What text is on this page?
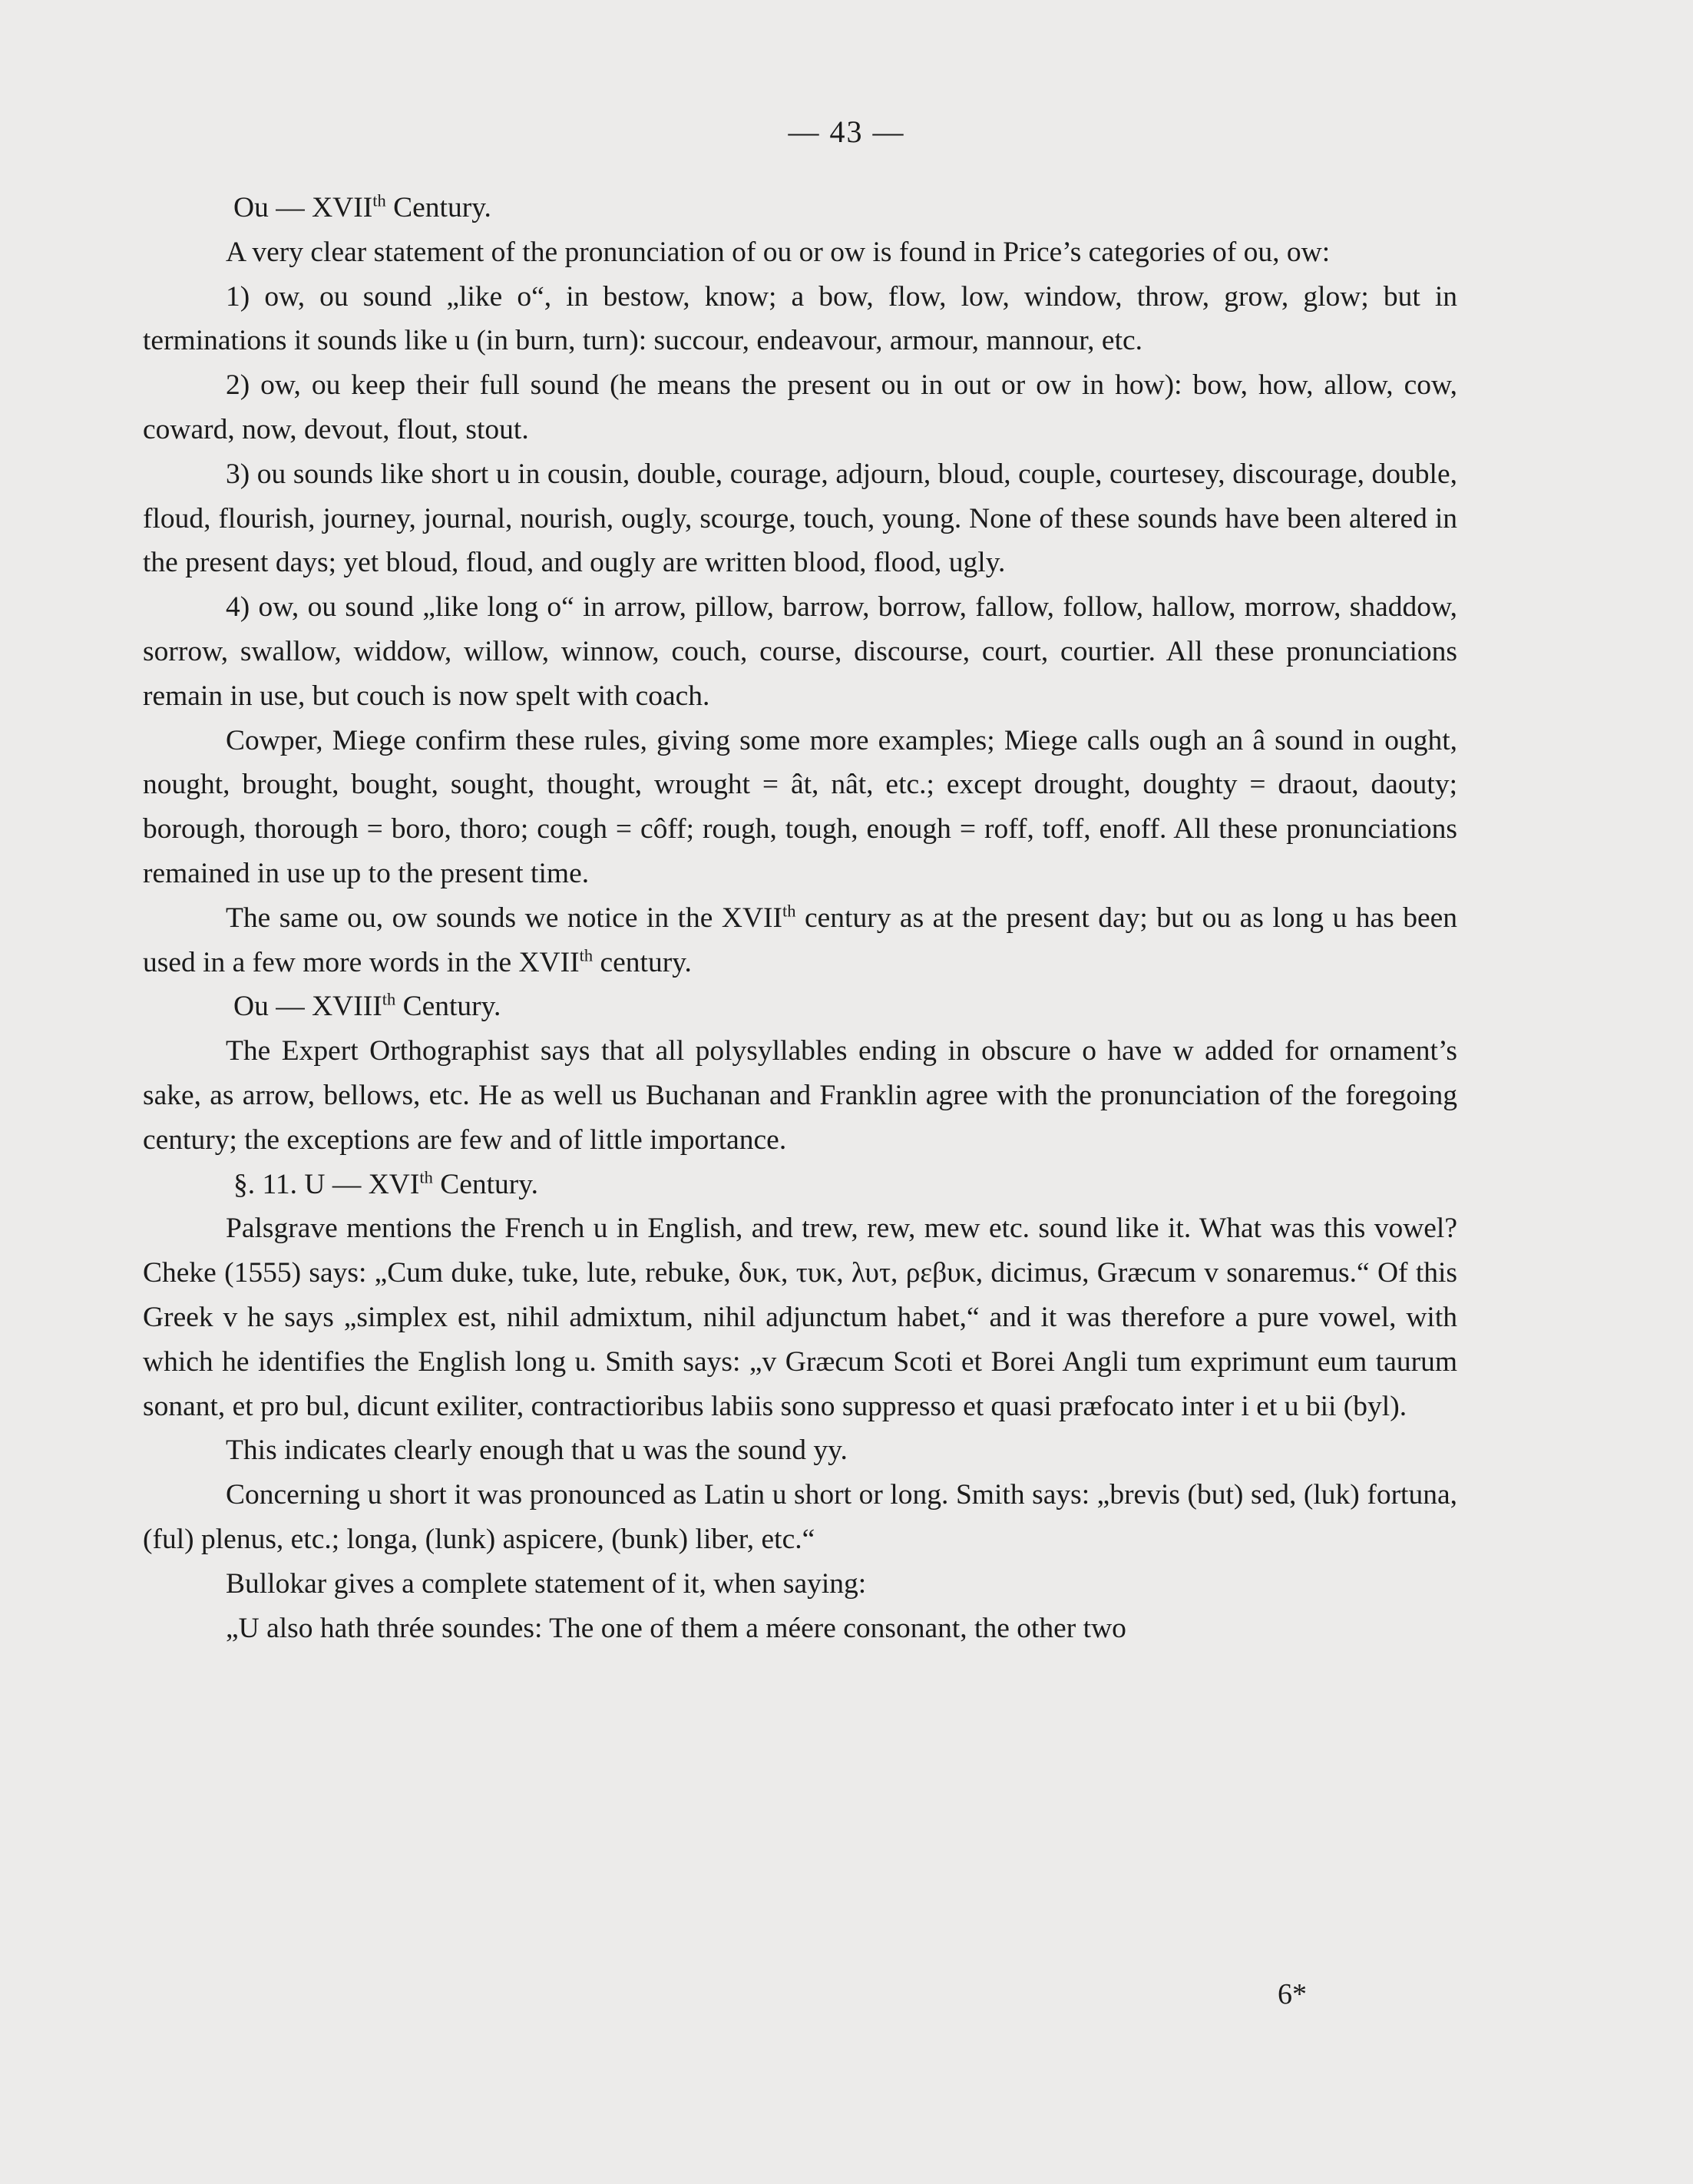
— 43 —

Ou — XVIIth Century.

A very clear statement of the pronunciation of ou or ow is found in Price’s categories of ou, ow:

1) ow, ou sound „like o“, in bestow, know; a bow, flow, low, window, throw, grow, glow; but in terminations it sounds like u (in burn, turn): succour, endeavour, armour, mannour, etc.

2) ow, ou keep their full sound (he means the present ou in out or ow in how): bow, how, allow, cow, coward, now, devout, flout, stout.

3) ou sounds like short u in cousin, double, courage, adjourn, bloud, couple, courtesey, discourage, double, floud, flourish, journey, journal, nourish, ougly, scourge, touch, young. None of these sounds have been altered in the present days; yet bloud, floud, and ougly are written blood, flood, ugly.

4) ow, ou sound „like long o“ in arrow, pillow, barrow, borrow, fallow, follow, hallow, morrow, shaddow, sorrow, swallow, widdow, willow, winnow, couch, course, discourse, court, courtier. All these pronunciations remain in use, but couch is now spelt with coach.

Cowper, Miege confirm these rules, giving some more examples; Miege calls ough an â sound in ought, nought, brought, bought, sought, thought, wrought = ât, nât, etc.; except drought, doughty = draout, daouty; borough, thorough = boro, thoro; cough = côff; rough, tough, enough = roff, toff, enoff. All these pronunciations remained in use up to the present time.

The same ou, ow sounds we notice in the XVIIth century as at the present day; but ou as long u has been used in a few more words in the XVIIth century.

Ou — XVIIIth Century.

The Expert Orthographist says that all polysyllables ending in obscure o have w added for ornament’s sake, as arrow, bellows, etc. He as well us Buchanan and Franklin agree with the pronunciation of the foregoing century; the exceptions are few and of little importance.

§. 11. U — XVIth Century.

Palsgrave mentions the French u in English, and trew, rew, mew etc. sound like it. What was this vowel? Cheke (1555) says: „Cum duke, tuke, lute, rebuke, δυκ, τυκ, λυτ, ρεβυκ, dicimus, Græcum v sonaremus.“ Of this Greek v he says „simplex est, nihil admixtum, nihil adjunctum habet,“ and it was therefore a pure vowel, with which he identifies the English long u. Smith says: „v Græcum Scoti et Borei Angli tum exprimunt eum taurum sonant, et pro bul, dicunt exiliter, contractioribus labiis sono suppresso et quasi præfocato inter i et u bii (byl).

This indicates clearly enough that u was the sound yy.

Concerning u short it was pronounced as Latin u short or long. Smith says: „brevis (but) sed, (luk) fortuna, (ful) plenus, etc.; longa, (lunk) aspicere, (bunk) liber, etc.“

Bullokar gives a complete statement of it, when saying:

„U also hath thrée soundes: The one of them a méere consonant, the other two

6*
